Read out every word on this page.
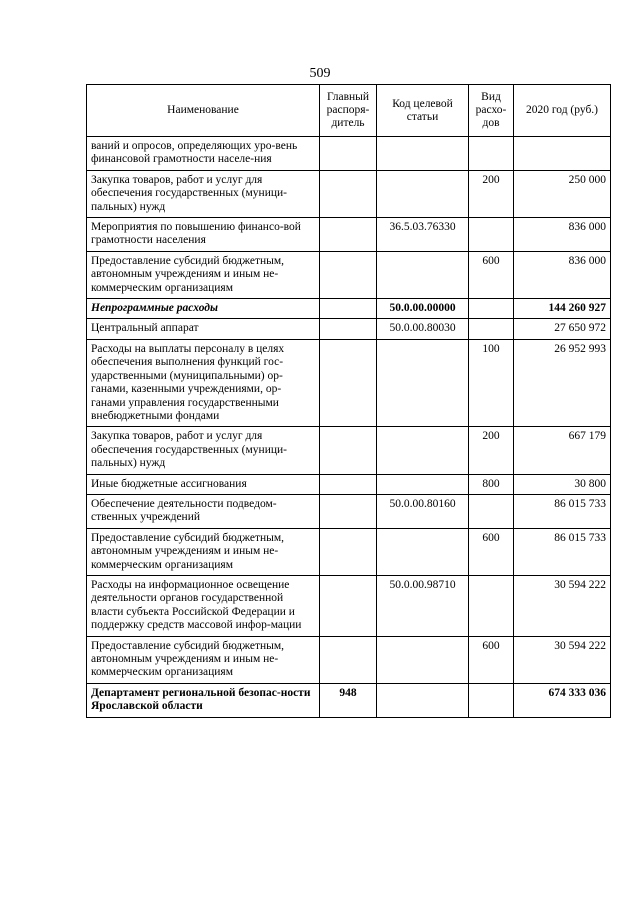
509
Наименование	Главный распоря-дитель	Код целевой статьи	Вид расхо-дов	2020 год (руб.)
ваний и опросов, определяющих уро-вень финансовой грамотности населе-ния				
Закупка товаров, работ и услуг для обеспечения государственных (муници-пальных) нужд			200	250 000
Мероприятия по повышению финансо-вой грамотности населения		36.5.03.76330		836 000
Предоставление субсидий бюджетным, автономным учреждениям и иным не-коммерческим организациям			600	836 000
Непрограммные расходы		50.0.00.00000		144 260 927
Центральный аппарат		50.0.00.80030		27 650 972
Расходы на выплаты персоналу в целях обеспечения выполнения функций гос-ударственными (муниципальными) ор-ганами, казенными учреждениями, ор-ганами управления государственными внебюджетными фондами			100	26 952 993
Закупка товаров, работ и услуг для обеспечения государственных (муници-пальных) нужд			200	667 179
Иные бюджетные ассигнования			800	30 800
Обеспечение деятельности подведом-ственных учреждений		50.0.00.80160		86 015 733
Предоставление субсидий бюджетным, автономным учреждениям и иным не-коммерческим организациям			600	86 015 733
Расходы на информационное освещение деятельности органов государственной власти субъекта Российской Федерации и поддержку средств массовой инфор-мации		50.0.00.98710		30 594 222
Предоставление субсидий бюджетным, автономным учреждениям и иным не-коммерческим организациям			600	30 594 222
Департамент региональной безопас-ности Ярославской области	948			674 333 036
